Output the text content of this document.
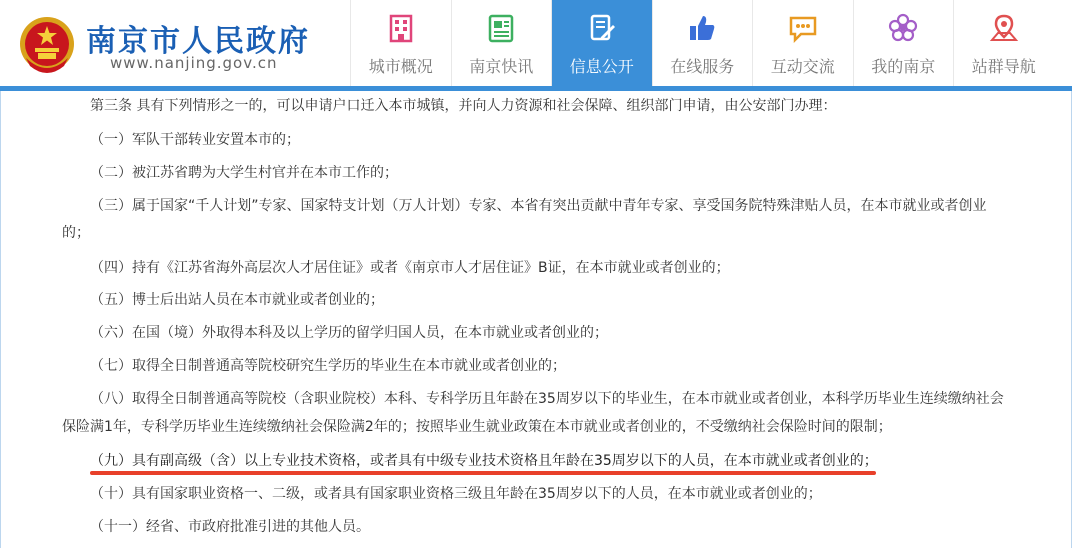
南京市人民政府
www.nanjing.gov.cn	城市概况 南京快讯 信息公开 在线服务 互动交流 我的南京 站群导航
第三条 具有下列情形之一的，可以申请户口迁入本市城镇，并向人力资源和社会保障、组织部门申请，由公安部门办理：
（一）军队干部转业安置本市的；
（二）被江苏省聘为大学生村官并在本市工作的；
（三）属于国家“千人计划”专家、国家特支计划（万人计划）专家、本省有突出贡献中青年专家、享受国务院特殊津贴人员，在本市就业或者创业
的；
（四）持有《江苏省海外高层次人才居住证》或者《南京市人才居住证》B证，在本市就业或者创业的；
（五）博士后出站人员在本市就业或者创业的；
（六）在国（境）外取得本科及以上学历的留学归国人员，在本市就业或者创业的；
（七）取得全日制普通高等院校研究生学历的毕业生在本市就业或者创业的；
（八）取得全日制普通高等院校（含职业院校）本科、专科学历且年龄在35周岁以下的毕业生，在本市就业或者创业，本科学历毕业生连续缴纳社会
保险满1年，专科学历毕业生连续缴纳社会保险满2年的；按照毕业生就业政策在本市就业或者创业的，不受缴纳社会保险时间的限制；
（九）具有副高级（含）以上专业技术资格，或者具有中级专业技术资格且年龄在35周岁以下的人员，在本市就业或者创业的；
（十）具有国家职业资格一、二级，或者具有国家职业资格三级且年龄在35周岁以下的人员，在本市就业或者创业的；
（十一）经省、市政府批准引进的其他人员。
